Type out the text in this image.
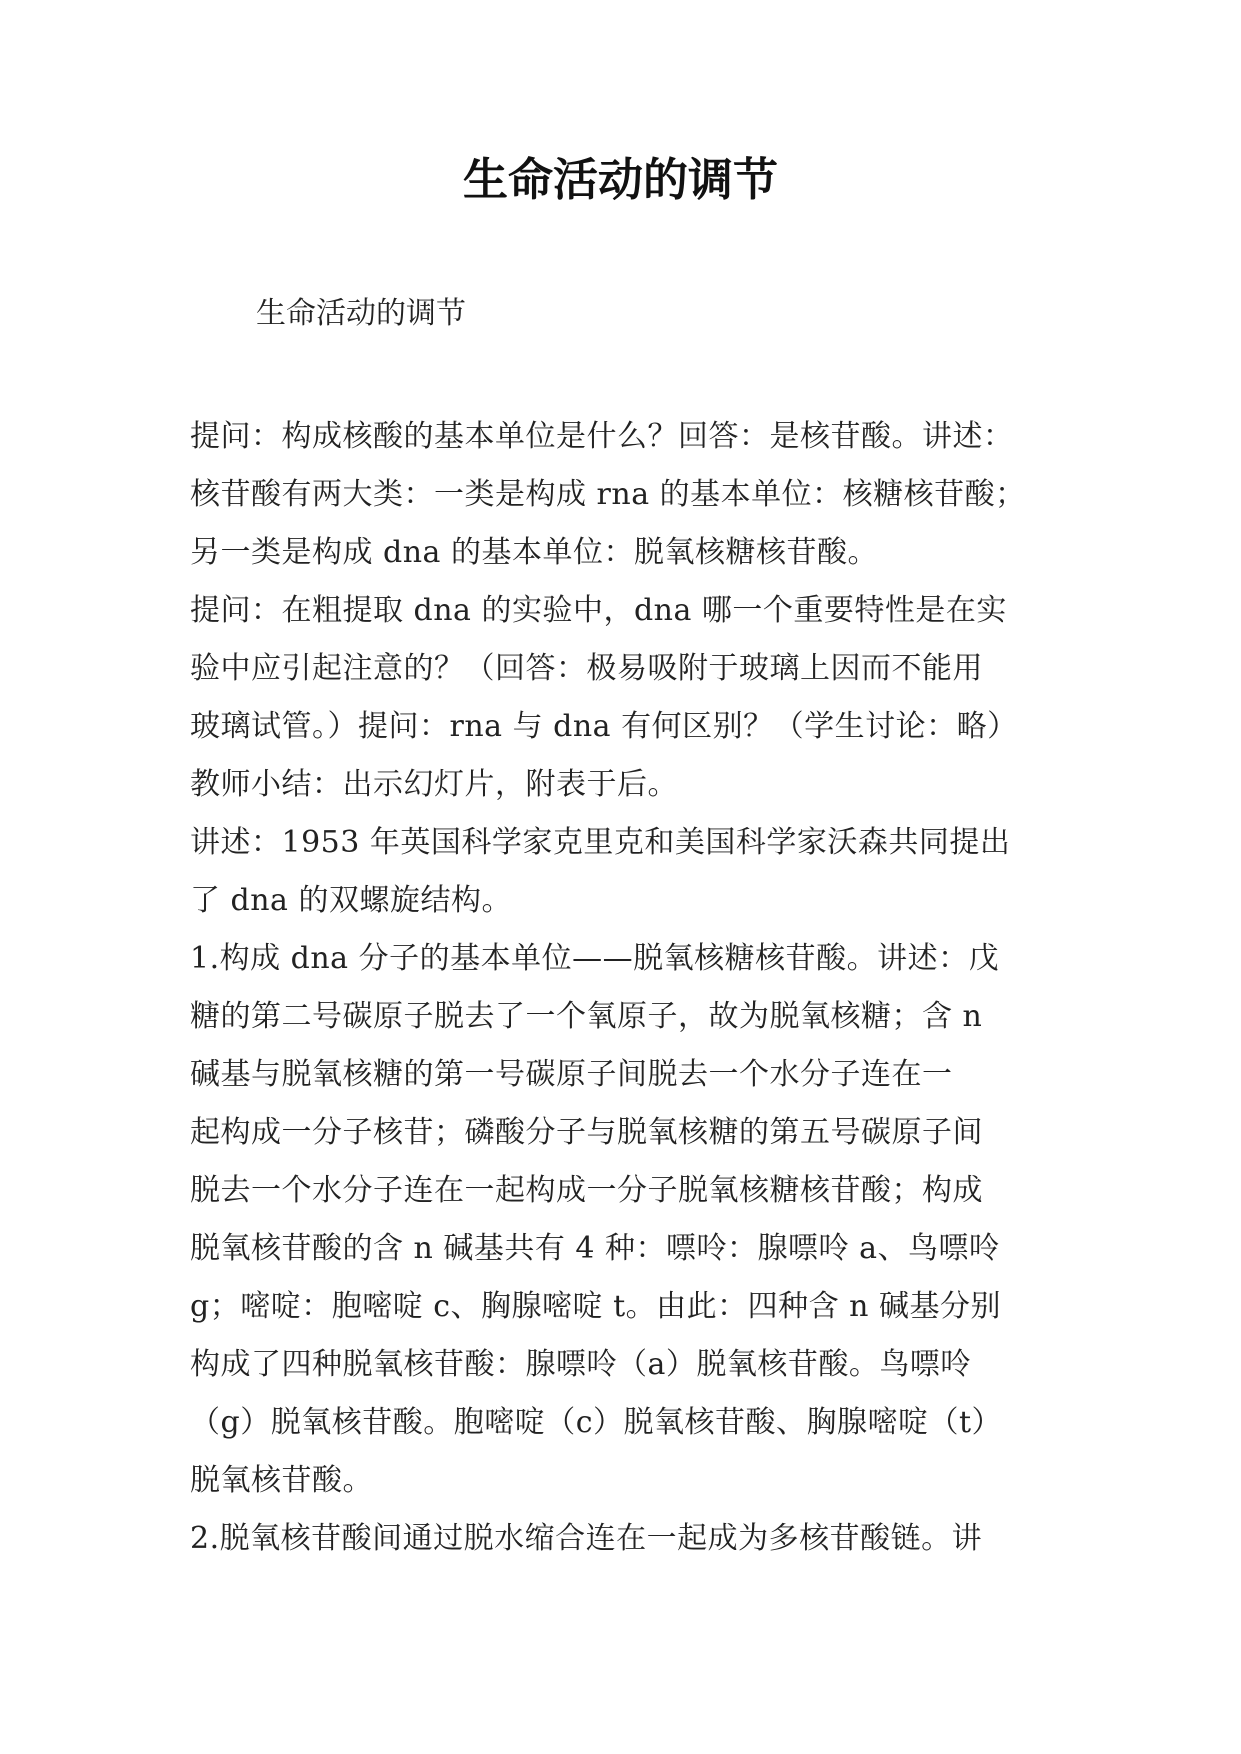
生命活动的调节

生命活动的调节

提问：构成核酸的基本单位是什么？回答：是核苷酸。讲述：
核苷酸有两大类：一类是构成 rna 的基本单位：核糖核苷酸；
另一类是构成 dna 的基本单位：脱氧核糖核苷酸。
提问：在粗提取 dna 的实验中，dna 哪一个重要特性是在实
验中应引起注意的？（回答：极易吸附于玻璃上因而不能用
玻璃试管。）提问：rna 与 dna 有何区别？（学生讨论：略）
教师小结：出示幻灯片，附表于后。
讲述：1953 年英国科学家克里克和美国科学家沃森共同提出
了 dna 的双螺旋结构。
1.构成 dna 分子的基本单位——脱氧核糖核苷酸。讲述：戊
糖的第二号碳原子脱去了一个氧原子，故为脱氧核糖；含 n
碱基与脱氧核糖的第一号碳原子间脱去一个水分子连在一
起构成一分子核苷；磷酸分子与脱氧核糖的第五号碳原子间
脱去一个水分子连在一起构成一分子脱氧核糖核苷酸；构成
脱氧核苷酸的含 n 碱基共有 4 种：嘌呤：腺嘌呤 a、鸟嘌呤
g；嘧啶：胞嘧啶 c、胸腺嘧啶 t。由此：四种含 n 碱基分别
构成了四种脱氧核苷酸：腺嘌呤（a）脱氧核苷酸。鸟嘌呤
（g）脱氧核苷酸。胞嘧啶（c）脱氧核苷酸、胸腺嘧啶（t）
脱氧核苷酸。
2.脱氧核苷酸间通过脱水缩合连在一起成为多核苷酸链。讲
